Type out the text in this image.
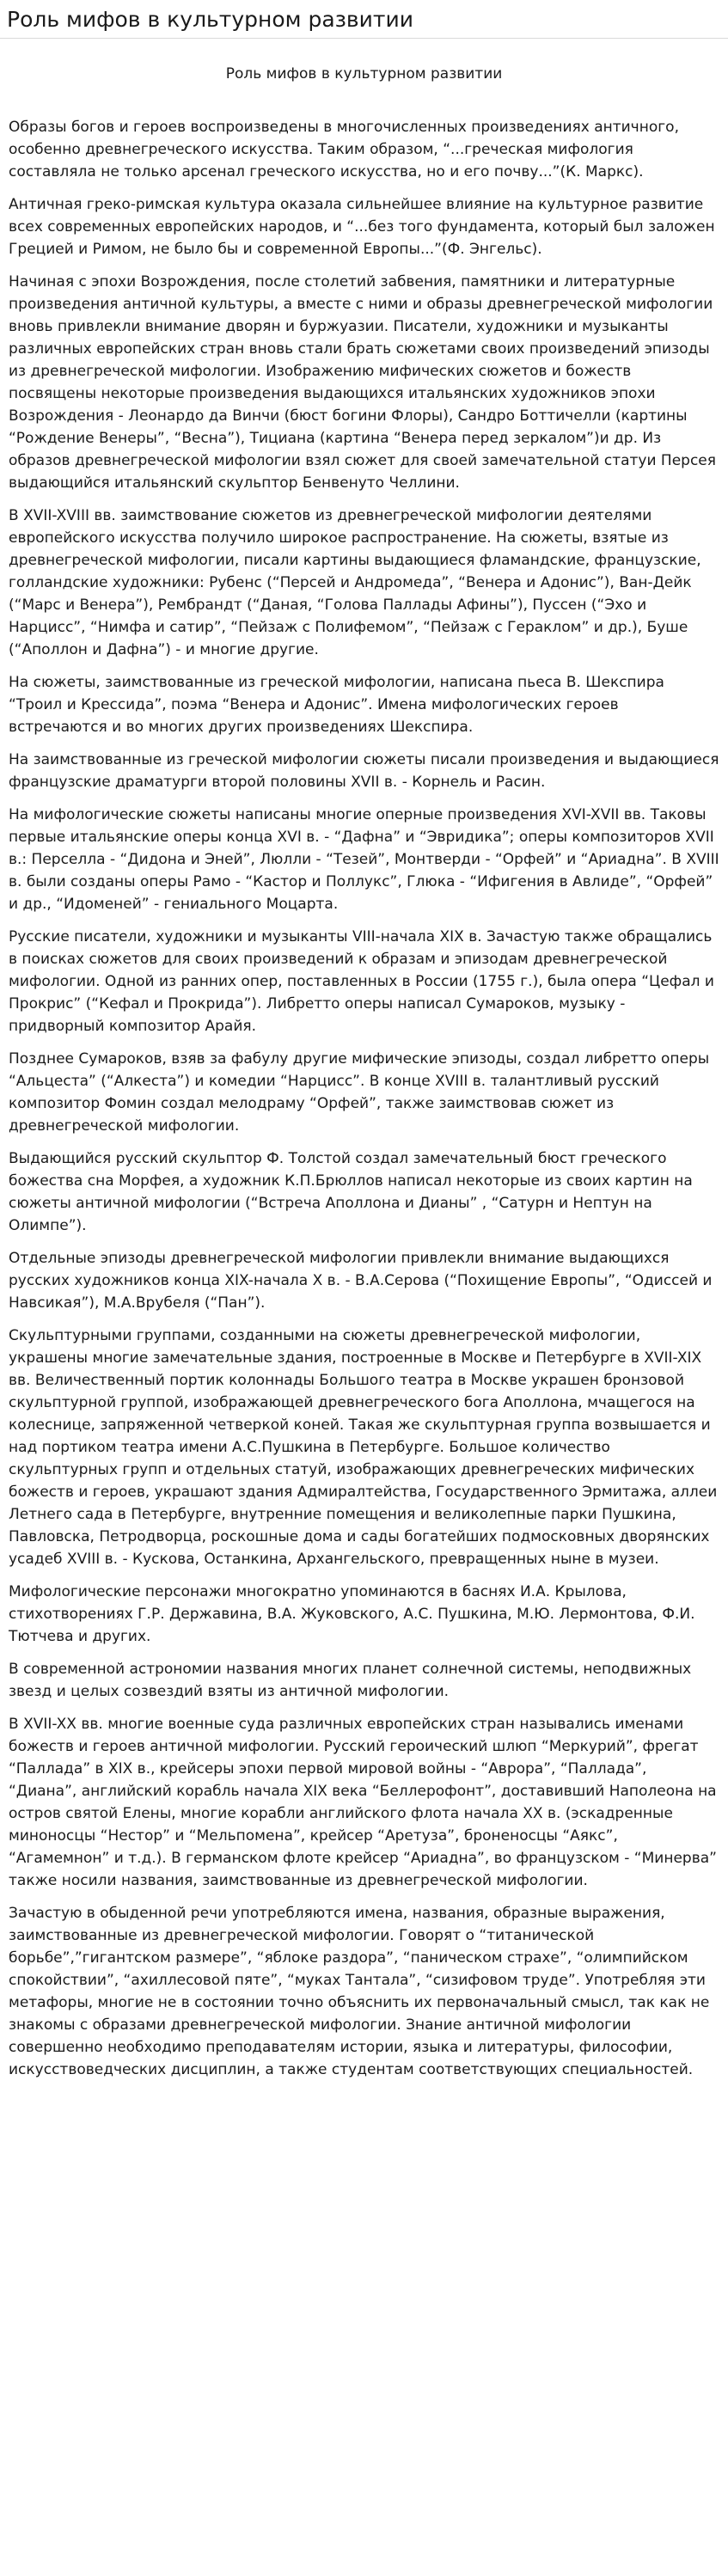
Роль мифов в культурном развитии
Роль мифов в культурном развитии

Образы богов и героев воспроизведены в многочисленных произведениях античного, особенно древнегреческого искусства. Таким образом, “...греческая мифология составляла не только арсенал греческого искусства, но и его почву...”(К. Маркс).

Античная греко-римская культура оказала сильнейшее влияние на культурное развитие всех современных европейских народов, и “...без того фундамента, который был заложен Грецией и Римом, не было бы и современной Европы...”(Ф. Энгельс).

Начиная с эпохи Возрождения, после столетий забвения, памятники и литературные произведения античной культуры, а вместе с ними и образы древнегреческой мифологии вновь привлекли внимание дворян и буржуазии. Писатели, художники и музыканты различных европейских стран вновь стали брать сюжетами своих произведений эпизоды из древнегреческой мифологии. Изображению мифических сюжетов и божеств посвящены некоторые произведения выдающихся итальянских художников эпохи Возрождения - Леонардо да Винчи (бюст богини Флоры), Сандро Боттичелли (картины “Рождение Венеры”, “Весна”), Тициана (картина “Венера перед зеркалом”)и др. Из образов древнегреческой мифологии взял сюжет для своей замечательной статуи Персея выдающийся итальянский скульптор Бенвенуто Челлини.

В XVII-XVIII вв. заимствование сюжетов из древнегреческой мифологии деятелями европейского искусства получило широкое распространение. На сюжеты, взятые из древнегреческой мифологии, писали картины выдающиеся фламандские, французские, голландские художники: Рубенс (“Персей и Андромеда”, “Венера и Адонис”), Ван-Дейк (“Марс и Венера”), Рембрандт (“Даная, “Голова Паллады Афины”), Пуссен (“Эхо и Нарцисс”, “Нимфа и сатир”, “Пейзаж с Полифемом”, “Пейзаж с Гераклом” и др.), Буше (“Аполлон и Дафна”) - и многие другие.

На сюжеты, заимствованные из греческой мифологии, написана пьеса В. Шекспира “Троил и Крессида”, поэма “Венера и Адонис”. Имена мифологических героев встречаются и во многих других произведениях Шекспира.

На заимствованные из греческой мифологии сюжеты писали произведения и выдающиеся французские драматурги второй половины XVII в. - Корнель и Расин.

На мифологические сюжеты написаны многие оперные произведения XVI-XVII вв. Таковы первые итальянские оперы конца XVI в. - “Дафна” и “Эвридика”; оперы композиторов XVII в.: Перселла - “Дидона и Эней”, Люлли - “Тезей”, Монтверди - “Орфей” и “Ариадна”. В XVIII в. были созданы оперы Рамо - “Кастор и Поллукс”, Глюка - “Ифигения в Авлиде”, “Орфей” и др., “Идоменей” - гениального Моцарта.

Русские писатели, художники и музыканты VIII-начала XIX в. Зачастую также обращались в поисках сюжетов для своих произведений к образам и эпизодам древнегреческой мифологии. Одной из ранних опер, поставленных в России (1755 г.), была опера “Цефал и Прокрис” (“Кефал и Прокрида”). Либретто оперы написал Сумароков, музыку - придворный композитор Арайя.

Позднее Сумароков, взяв за фабулу другие мифические эпизоды, создал либретто оперы “Альцеста” (“Алкеста”) и комедии “Нарцисс”. В конце XVIII в. талантливый русский композитор Фомин создал мелодраму “Орфей”, также заимствовав сюжет из древнегреческой мифологии.

Выдающийся русский скульптор Ф. Толстой создал замечательный бюст греческого божества сна Морфея, а художник К.П.Брюллов написал некоторые из своих картин на сюжеты античной мифологии (“Встреча Аполлона и Дианы” , “Сатурн и Нептун на Олимпе”).

Отдельные эпизоды древнегреческой мифологии привлекли внимание выдающихся русских художников конца XIX-начала X в. - В.А.Серова (“Похищение Европы”, “Одиссей и Навсикая”), М.А.Врубеля (“Пан”).

Скульптурными группами, созданными на сюжеты древнегреческой мифологии, украшены многие замечательные здания, построенные в Москве и Петербурге в XVII-XIX вв. Величественный портик колоннады Большого театра в Москве украшен бронзовой скульптурной группой, изображающей древнегреческого бога Аполлона, мчащегося на колеснице, запряженной четверкой коней. Такая же скульптурная группа возвышается и над портиком театра имени А.С.Пушкина в Петербурге. Большое количество скульптурных групп и отдельных статуй, изображающих древнегреческих мифических божеств и героев, украшают здания Адмиралтейства, Государственного Эрмитажа, аллеи Летнего сада в Петербурге, внутренние помещения и великолепные парки Пушкина, Павловска, Петродворца, роскошные дома и сады богатейших подмосковных дворянских усадеб XVIII в. - Кускова, Останкина, Архангельского, превращенных ныне в музеи.

Мифологические персонажи многократно упоминаются в баснях И.А. Крылова, стихотворениях Г.Р. Державина, В.А. Жуковского, А.С. Пушкина, М.Ю. Лермонтова, Ф.И. Тютчева и других.

В современной астрономии названия многих планет солнечной системы, неподвижных звезд и целых созвездий взяты из античной мифологии.

В XVII-XX вв. многие военные суда различных европейских стран назывались именами божеств и героев античной мифологии. Русский героический шлюп “Меркурий”, фрегат “Паллада” в XIX в., крейсеры эпохи первой мировой войны - “Аврора”, “Паллада”, “Диана”, английский корабль начала XIX века “Беллерофонт”, доставивший Наполеона на остров святой Елены, многие корабли английского флота начала XX в. (эскадренные миноносцы “Нестор” и “Мельпомена”, крейсер “Аретуза”, броненосцы “Аякс”, “Агамемнон” и т.д.). В германском флоте крейсер “Ариадна”, во французском - “Минерва” также носили названия, заимствованные из древнегреческой мифологии.

Зачастую в обыденной речи употребляются имена, названия, образные выражения, заимствованные из древнегреческой мифологии. Говорят о “титаническoй борьбе”,”гигантском размере”, “яблоке раздора”, “паническом страхе”, “олимпийском спокойствии”, “ахиллесовой пяте”, “муках Тантала”, “сизифовом труде”. Употребляя эти метафоры, многие не в состоянии точно объяснить их первоначальный смысл, так как не знакомы с образами древнегреческой мифологии. Знание античной мифологии совершенно необходимо преподавателям истории, языка и литературы, философии, искусствоведческих дисциплин, а также студентам соответствующих специальностей.
